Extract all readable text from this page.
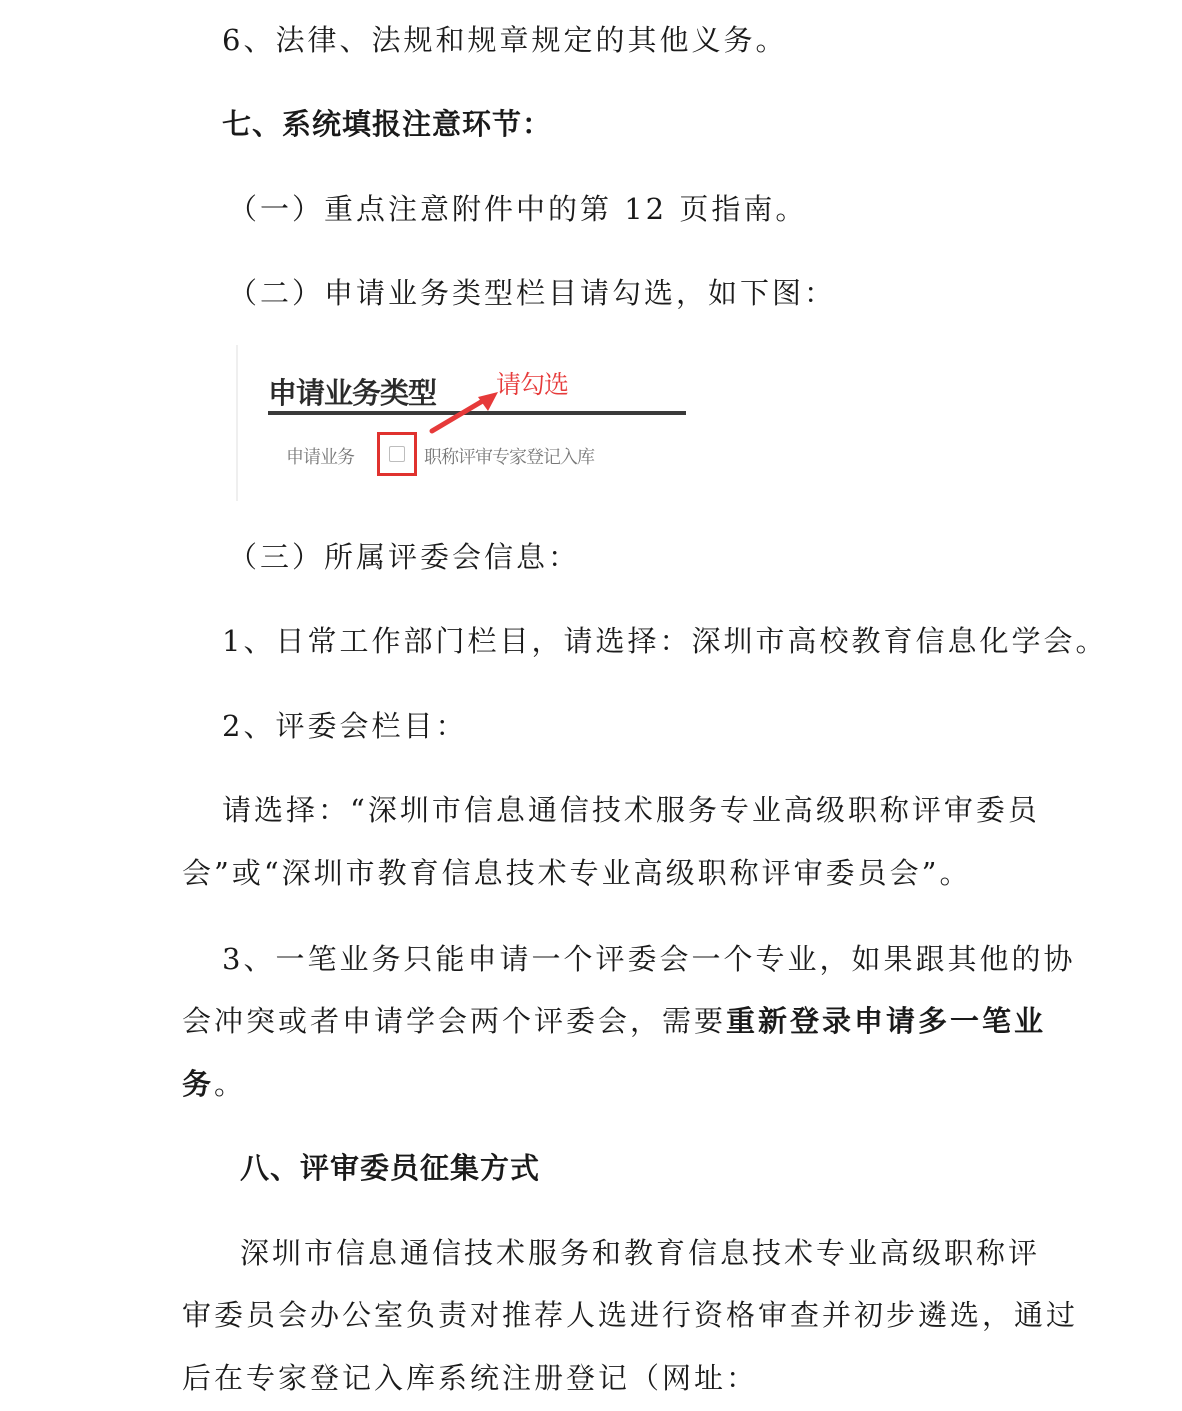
6、法律、法规和规章规定的其他义务。
七、系统填报注意环节：
（一）重点注意附件中的第 12 页指南。
（二）申请业务类型栏目请勾选，如下图：
申请业务类型 请勾选
申请业务	职称评审专家登记入库
（三）所属评委会信息：
1、日常工作部门栏目，请选择：深圳市高校教育信息化学会。
2、评委会栏目：
请选择：“深圳市信息通信技术服务专业高级职称评审委员
会”或“深圳市教育信息技术专业高级职称评审委员会”。
3、一笔业务只能申请一个评委会一个专业，如果跟其他的协
会冲突或者申请学会两个评委会，需要重新登录申请多一笔业
务。
八、评审委员征集方式
深圳市信息通信技术服务和教育信息技术专业高级职称评
审委员会办公室负责对推荐人选进行资格审查并初步遴选，通过
后在专家登记入库系统注册登记（网址：
